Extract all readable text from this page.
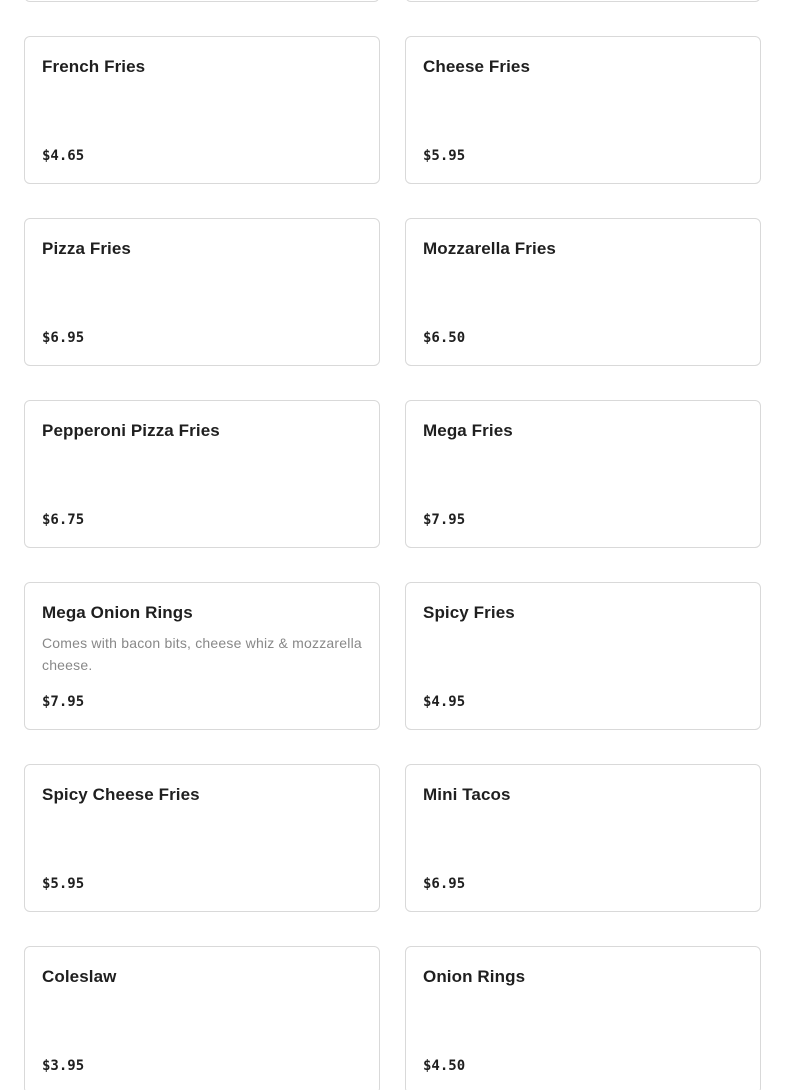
French Fries
$4.65
Cheese Fries
$5.95
Pizza Fries
$6.95
Mozzarella Fries
$6.50
Pepperoni Pizza Fries
$6.75
Mega Fries
$7.95
Mega Onion Rings
Comes with bacon bits, cheese whiz & mozzarella cheese.
$7.95
Spicy Fries
$4.95
Spicy Cheese Fries
$5.95
Mini Tacos
$6.95
Coleslaw
$3.95
Onion Rings
$4.50
